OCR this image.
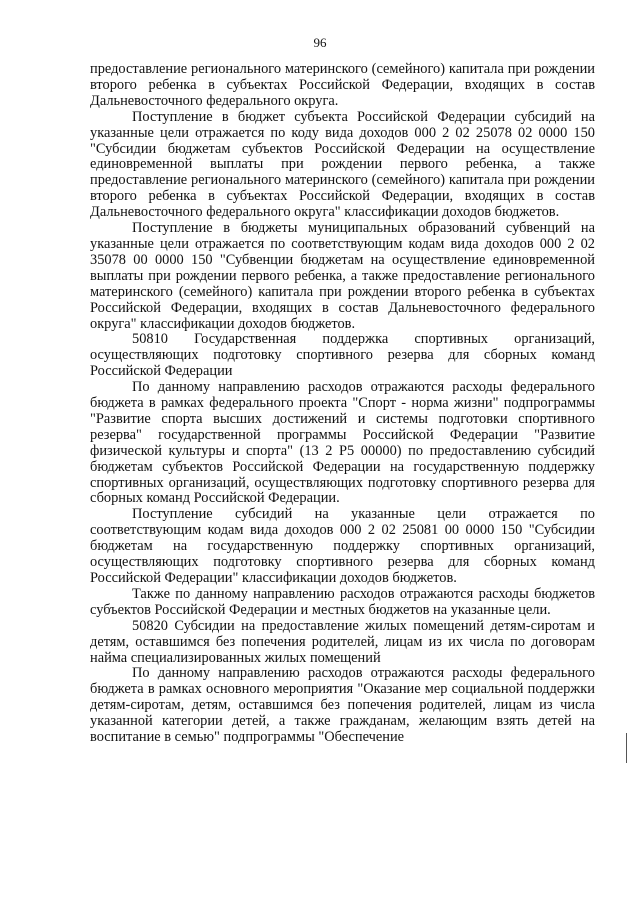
96

предоставление регионального материнского (семейного) капитала при рождении второго ребенка в субъектах Российской Федерации, входящих в состав Дальневосточного федерального округа.

Поступление в бюджет субъекта Российской Федерации субсидий на указанные цели отражается по коду вида доходов 000 2 02 25078 02 0000 150 "Субсидии бюджетам субъектов Российской Федерации на осуществление единовременной выплаты при рождении первого ребенка, а также предоставление регионального материнского (семейного) капитала при рождении второго ребенка в субъектах Российской Федерации, входящих в состав Дальневосточного федерального округа" классификации доходов бюджетов.

Поступление в бюджеты муниципальных образований субвенций на указанные цели отражается по соответствующим кодам вида доходов 000 2 02 35078 00 0000 150 "Субвенции бюджетам на осуществление единовременной выплаты при рождении первого ребенка, а также предоставление регионального материнского (семейного) капитала при рождении второго ребенка в субъектах Российской Федерации, входящих в состав Дальневосточного федерального округа" классификации доходов бюджетов.

50810 Государственная поддержка спортивных организаций, осуществляющих подготовку спортивного резерва для сборных команд Российской Федерации

По данному направлению расходов отражаются расходы федерального бюджета в рамках федерального проекта "Спорт - норма жизни" подпрограммы "Развитие спорта высших достижений и системы подготовки спортивного резерва" государственной программы Российской Федерации "Развитие физической культуры и спорта" (13 2 Р5 00000) по предоставлению субсидий бюджетам субъектов Российской Федерации на государственную поддержку спортивных организаций, осуществляющих подготовку спортивного резерва для сборных команд Российской Федерации.

Поступление субсидий на указанные цели отражается по соответствующим кодам вида доходов 000 2 02 25081 00 0000 150 "Субсидии бюджетам на государственную поддержку спортивных организаций, осуществляющих подготовку спортивного резерва для сборных команд Российской Федерации" классификации доходов бюджетов.

Также по данному направлению расходов отражаются расходы бюджетов субъектов Российской Федерации и местных бюджетов на указанные цели.

50820 Субсидии на предоставление жилых помещений детям-сиротам и детям, оставшимся без попечения родителей, лицам из их числа по договорам найма специализированных жилых помещений

По данному направлению расходов отражаются расходы федерального бюджета в рамках основного мероприятия "Оказание мер социальной поддержки детям-сиротам, детям, оставшимся без попечения родителей, лицам из числа указанной категории детей, а также гражданам, желающим взять детей на воспитание в семью" подпрограммы "Обеспечение
